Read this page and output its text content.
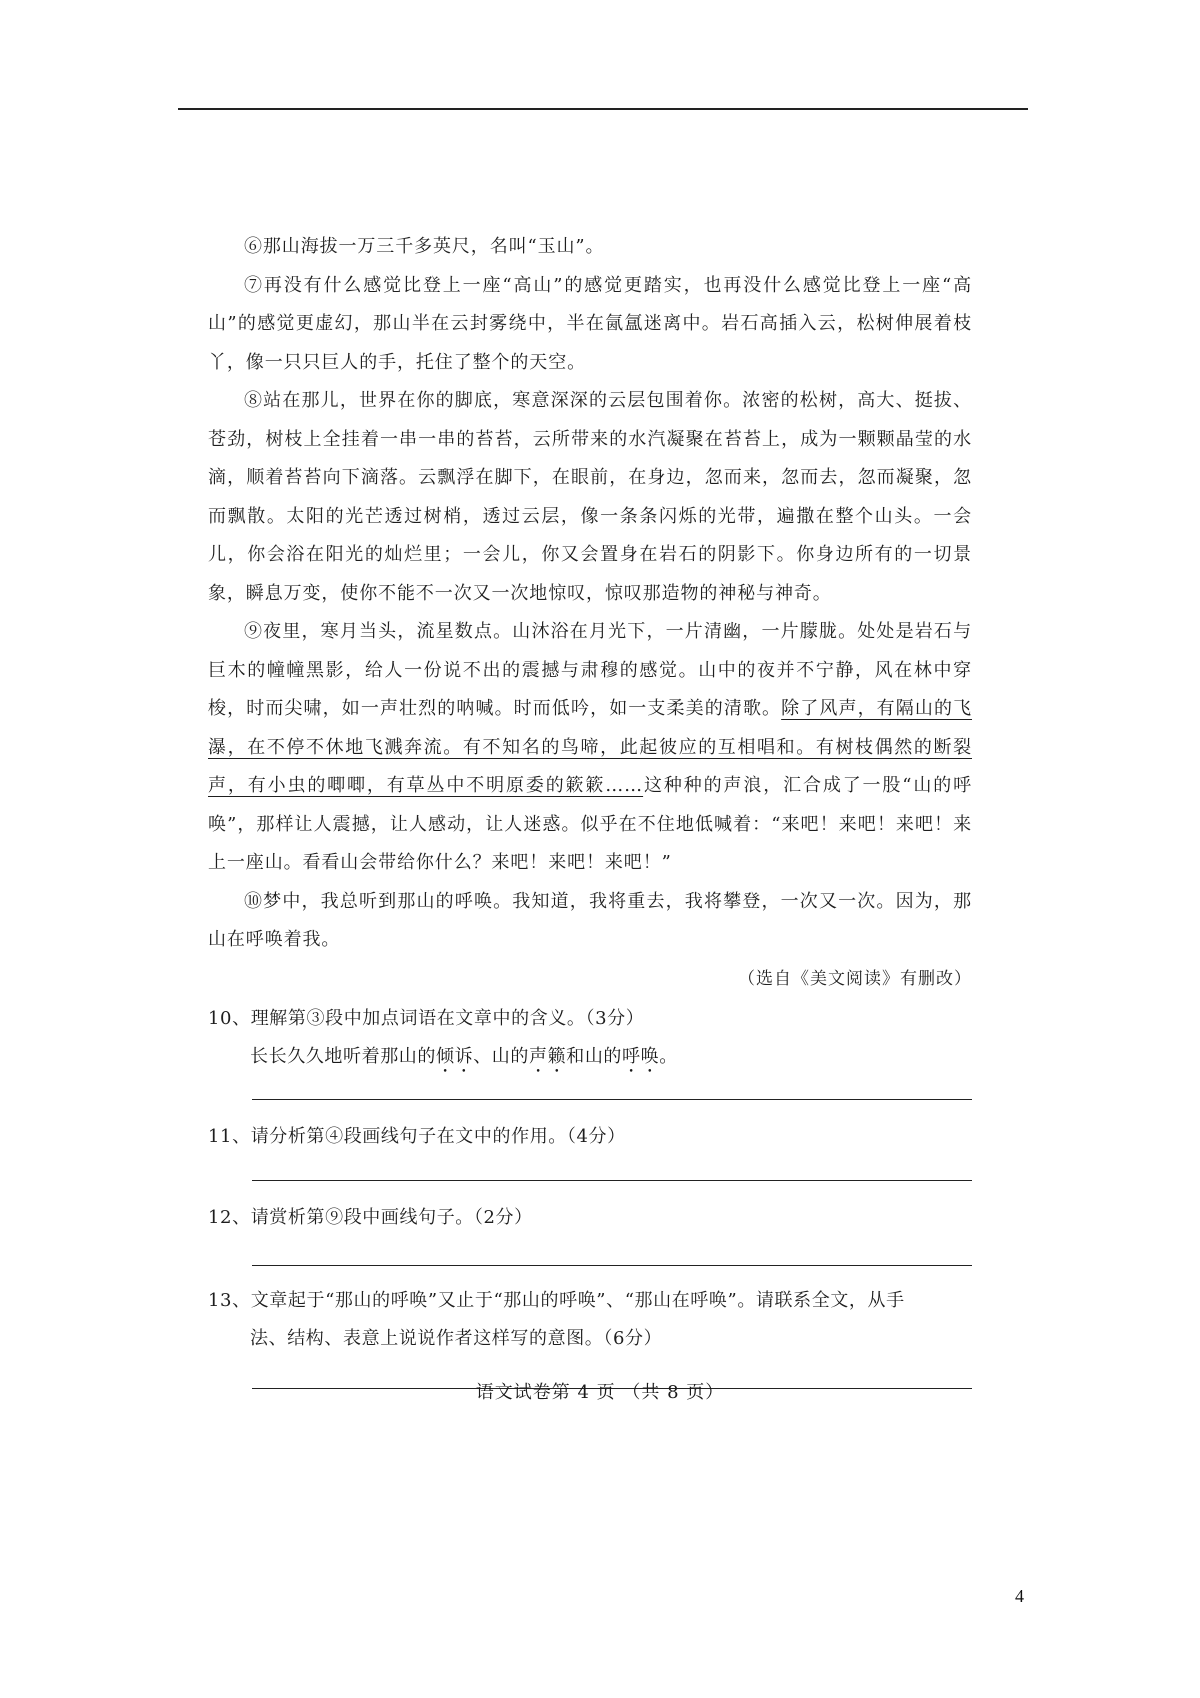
⑥那山海拔一万三千多英尺，名叫“玉山”。

⑦再没有什么感觉比登上一座“高山”的感觉更踏实，也再没什么感觉比登上一座“高山”的感觉更虚幻，那山半在云封雾绕中，半在氤氲迷离中。岩石高插入云，松树伸展着枝丫，像一只只巨人的手，托住了整个的天空。

⑧站在那儿，世界在你的脚底，寒意深深的云层包围着你。浓密的松树，高大、挺拔、苍劲，树枝上全挂着一串一串的苔苔，云所带来的水汽凝聚在苔苔上，成为一颗颗晶莹的水滴，顺着苔苔向下滴落。云飘浮在脚下，在眼前，在身边，忽而来，忽而去，忽而凝聚，忽而飘散。太阳的光芒透过树梢，透过云层，像一条条闪烁的光带，遍撒在整个山头。一会儿，你会浴在阳光的灿烂里；一会儿，你又会置身在岩石的阴影下。你身边所有的一切景象，瞬息万变，使你不能不一次又一次地惊叹，惊叹那造物的神秘与神奇。

⑨夜里，寒月当头，流星数点。山沐浴在月光下，一片清幽，一片朦胧。处处是岩石与巨木的幢幢黑影，给人一份说不出的震撼与肃穆的感觉。山中的夜并不宁静，风在林中穿梭，时而尖啸，如一声壮烈的呐喊。时而低吟，如一支柔美的清歌。除了风声，有隔山的飞瀑，在不停不休地飞溅奔流。有不知名的鸟啼，此起彼应的互相唱和。有树枝偶然的断裂声，有小虫的唧唧，有草丛中不明原委的簌簌……这种种的声浪，汇合成了一股“山的呼唤”，那样让人震撼，让人感动，让人迷惑。似乎在不住地低喊着：“来吧！来吧！来吧！来上一座山。看看山会带给你什么？来吧！来吧！来吧！”

⑩梦中，我总听到那山的呼唤。我知道，我将重去，我将攀登，一次又一次。因为，那山在呼唤着我。

（选自《美文阅读》有删改）

10、理解第③段中加点词语在文章中的含义。（3分）

长长久久地听着那山的倾诉、山的声籁和山的呼唤。

11、请分析第④段画线句子在文中的作用。（4分）

12、请赏析第⑨段中画线句子。（2分）

13、文章起于“那山的呼唤”又止于“那山的呼唤”、“那山在呼唤”。请联系全文，从手

法、结构、表意上说说作者这样写的意图。（6分）

语文试卷第 4 页 （共 8 页）
4
